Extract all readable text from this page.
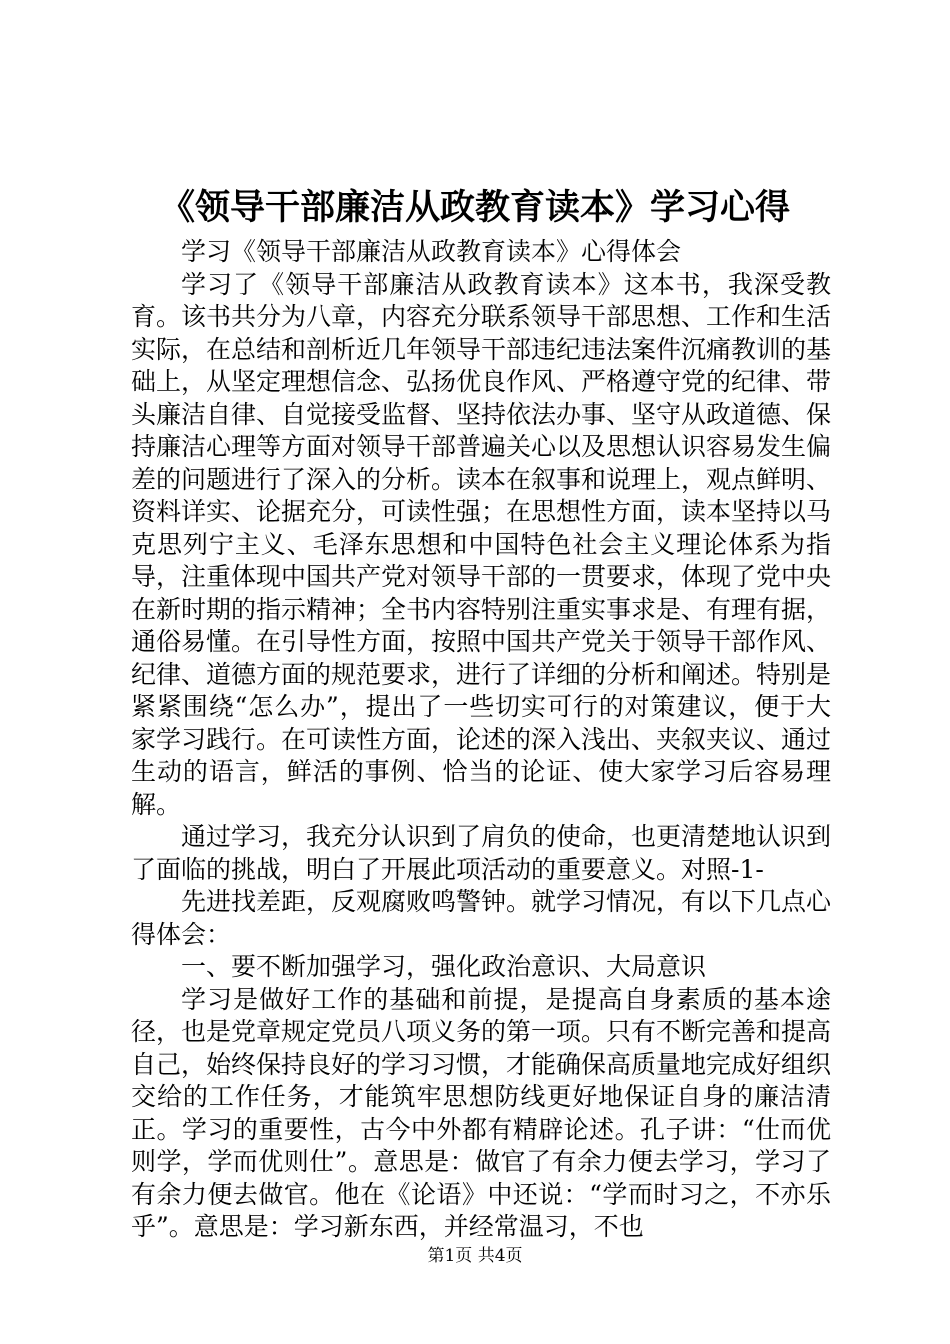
《领导干部廉洁从政教育读本》学习心得

学习《领导干部廉洁从政教育读本》心得体会

学习了《领导干部廉洁从政教育读本》这本书，我深受教育。该书共分为八章，内容充分联系领导干部思想、工作和生活实际，在总结和剖析近几年领导干部违纪违法案件沉痛教训的基础上，从坚定理想信念、弘扬优良作风、严格遵守党的纪律、带头廉洁自律、自觉接受监督、坚持依法办事、坚守从政道德、保持廉洁心理等方面对领导干部普遍关心以及思想认识容易发生偏差的问题进行了深入的分析。读本在叙事和说理上，观点鲜明、资料详实、论据充分，可读性强；在思想性方面，读本坚持以马克思列宁主义、毛泽东思想和中国特色社会主义理论体系为指导，注重体现中国共产党对领导干部的一贯要求，体现了党中央在新时期的指示精神；全书内容特别注重实事求是、有理有据，通俗易懂。在引导性方面，按照中国共产党关于领导干部作风、纪律、道德方面的规范要求，进行了详细的分析和阐述。特别是紧紧围绕“怎么办”，提出了一些切实可行的对策建议，便于大家学习践行。在可读性方面，论述的深入浅出、夹叙夹议、通过生动的语言，鲜活的事例、恰当的论证、使大家学习后容易理解。

通过学习，我充分认识到了肩负的使命，也更清楚地认识到了面临的挑战，明白了开展此项活动的重要意义。对照-1-

先进找差距，反观腐败鸣警钟。就学习情况，有以下几点心得体会：

一、要不断加强学习，强化政治意识、大局意识

学习是做好工作的基础和前提，是提高自身素质的基本途径，也是党章规定党员八项义务的第一项。只有不断完善和提高自己，始终保持良好的学习习惯，才能确保高质量地完成好组织交给的工作任务，才能筑牢思想防线更好地保证自身的廉洁清正。学习的重要性，古今中外都有精辟论述。孔子讲：“仕而优则学，学而优则仕”。意思是：做官了有余力便去学习，学习了有余力便去做官。他在《论语》中还说：“学而时习之，不亦乐乎”。意思是：学习新东西，并经常温习，不也

第1页 共4页
